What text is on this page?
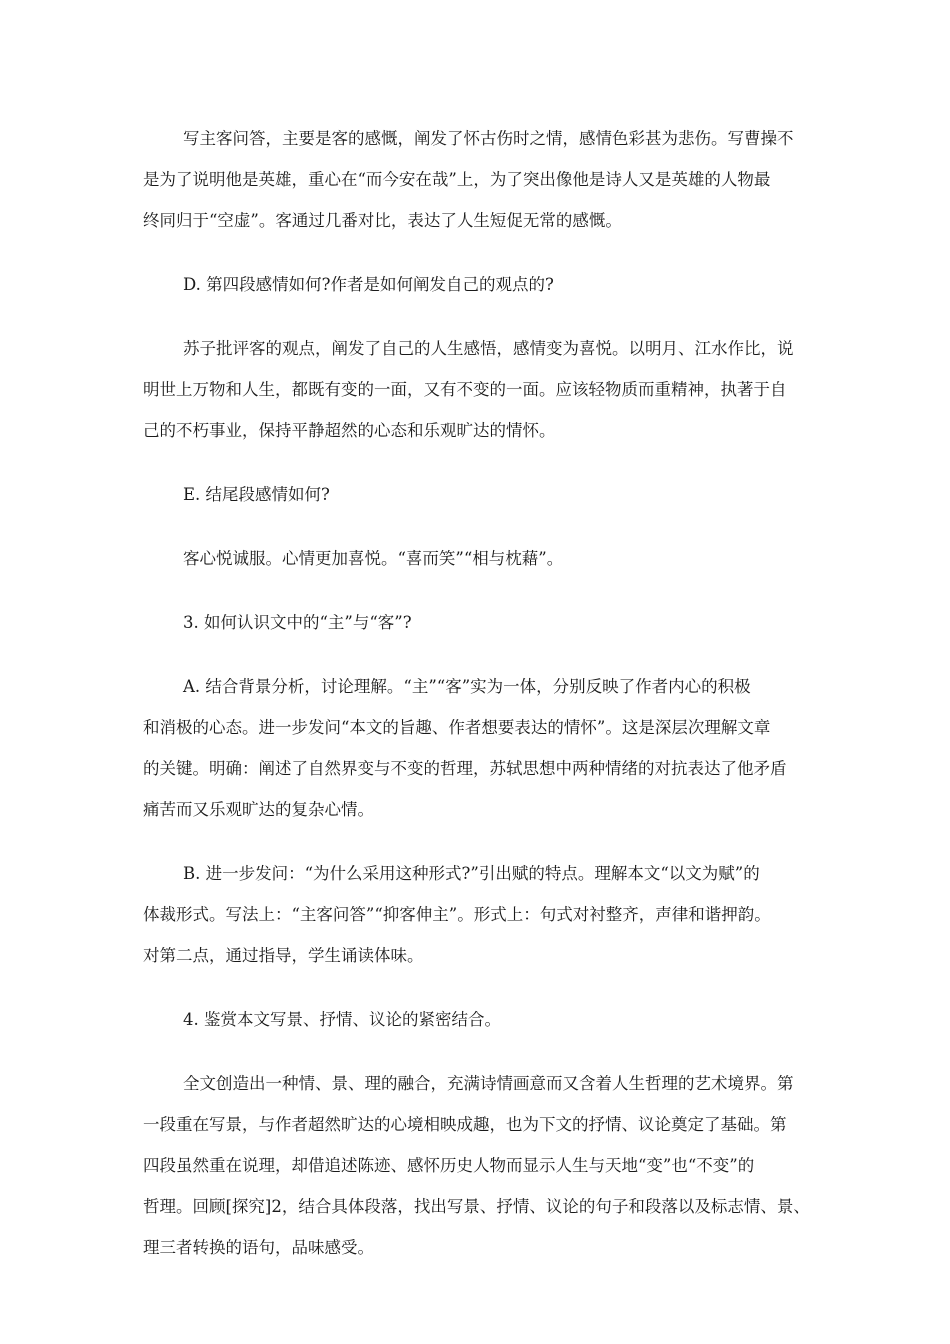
写主客问答，主要是客的感慨，阐发了怀古伤时之情，感情色彩甚为悲伤。写曹操不
是为了说明他是英雄，重心在“而今安在哉”上，为了突出像他是诗人又是英雄的人物最
终同归于“空虚”。客通过几番对比，表达了人生短促无常的感慨。
D. 第四段感情如何?作者是如何阐发自己的观点的?
苏子批评客的观点，阐发了自己的人生感悟，感情变为喜悦。以明月、江水作比，说
明世上万物和人生，都既有变的一面，又有不变的一面。应该轻物质而重精神，执著于自
己的不朽事业，保持平静超然的心态和乐观旷达的情怀。
E. 结尾段感情如何?
客心悦诚服。心情更加喜悦。“喜而笑”“相与枕藉”。
3. 如何认识文中的“主”与“客”?
A. 结合背景分析，讨论理解。“主”“客”实为一体，分别反映了作者内心的积极
和消极的心态。进一步发问“本文的旨趣、作者想要表达的情怀”。这是深层次理解文章
的关键。明确：阐述了自然界变与不变的哲理，苏轼思想中两种情绪的对抗表达了他矛盾
痛苦而又乐观旷达的复杂心情。
B. 进一步发问：“为什么采用这种形式?”引出赋的特点。理解本文“以文为赋”的
体裁形式。写法上：“主客问答”“抑客伸主”。形式上：句式对衬整齐，声律和谐押韵。
对第二点，通过指导，学生诵读体味。
4. 鉴赏本文写景、抒情、议论的紧密结合。
全文创造出一种情、景、理的融合，充满诗情画意而又含着人生哲理的艺术境界。第
一段重在写景，与作者超然旷达的心境相映成趣，也为下文的抒情、议论奠定了基础。第
四段虽然重在说理，却借追述陈迹、感怀历史人物而显示人生与天地“变”也“不变”的
哲理。回顾[探究]2，结合具体段落，找出写景、抒情、议论的句子和段落以及标志情、景、
理三者转换的语句，品味感受。
